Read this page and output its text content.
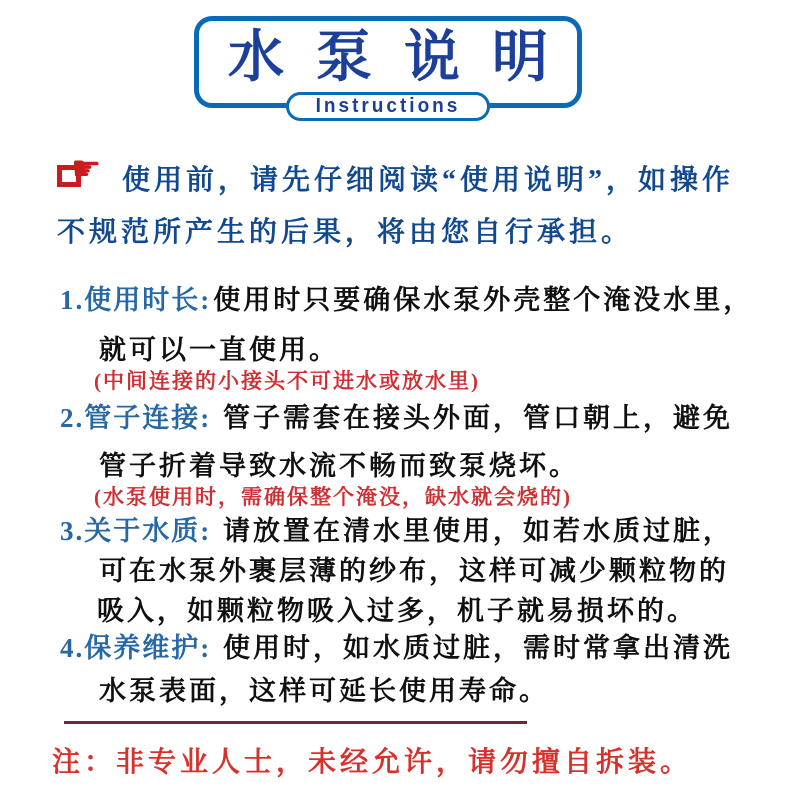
水泵说明
Instructions
☛ 使用前，请先仔细阅读“使用说明”，如操作
不规范所产生的后果，将由您自行承担。
1.使用时长:使用时只要确保水泵外壳整个淹没水里，
就可以一直使用。
(中间连接的小接头不可进水或放水里)
2.管子连接: 管子需套在接头外面，管口朝上，避免
管子折着导致水流不畅而致泵烧坏。
(水泵使用时，需确保整个淹没，缺水就会烧的)
3.关于水质: 请放置在清水里使用，如若水质过脏，
可在水泵外裹层薄的纱布，这样可减少颗粒物的
吸入，如颗粒物吸入过多，机子就易损坏的。
4.保养维护: 使用时，如水质过脏，需时常拿出清洗
水泵表面，这样可延长使用寿命。
注：非专业人士，未经允许，请勿擅自拆装。
